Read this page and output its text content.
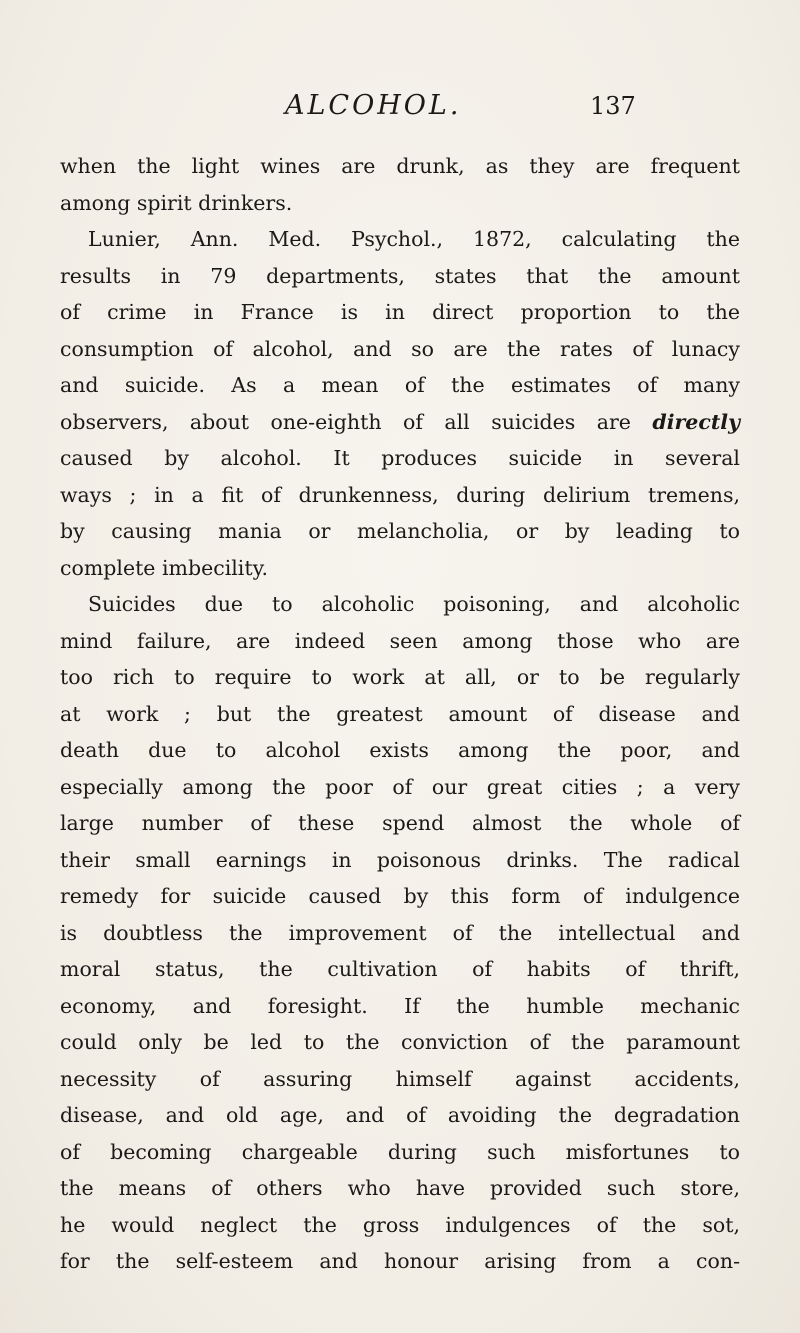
ALCOHOL.	137
when the light wines are drunk, as they are frequent
among spirit drinkers.
Lunier, Ann. Med. Psychol., 1872, calculating the
results in 79 departments, states that the amount
of crime in France is in direct proportion to the
consumption of alcohol, and so are the rates of lunacy
and suicide. As a mean of the estimates of many
observers, about one-eighth of all suicides are directly
caused by alcohol. It produces suicide in several
ways ; in a fit of drunkenness, during delirium tremens,
by causing mania or melancholia, or by leading to
complete imbecility.
Suicides due to alcoholic poisoning, and alcoholic
mind failure, are indeed seen among those who are
too rich to require to work at all, or to be regularly
at work ; but the greatest amount of disease and
death due to alcohol exists among the poor, and
especially among the poor of our great cities ; a very
large number of these spend almost the whole of
their small earnings in poisonous drinks. The radical
remedy for suicide caused by this form of indulgence
is doubtless the improvement of the intellectual and
moral status, the cultivation of habits of thrift,
economy, and foresight. If the humble mechanic
could only be led to the conviction of the paramount
necessity of assuring himself against accidents,
disease, and old age, and of avoiding the degradation
of becoming chargeable during such misfortunes to
the means of others who have provided such store,
he would neglect the gross indulgences of the sot,
for the self-esteem and honour arising from a con-
